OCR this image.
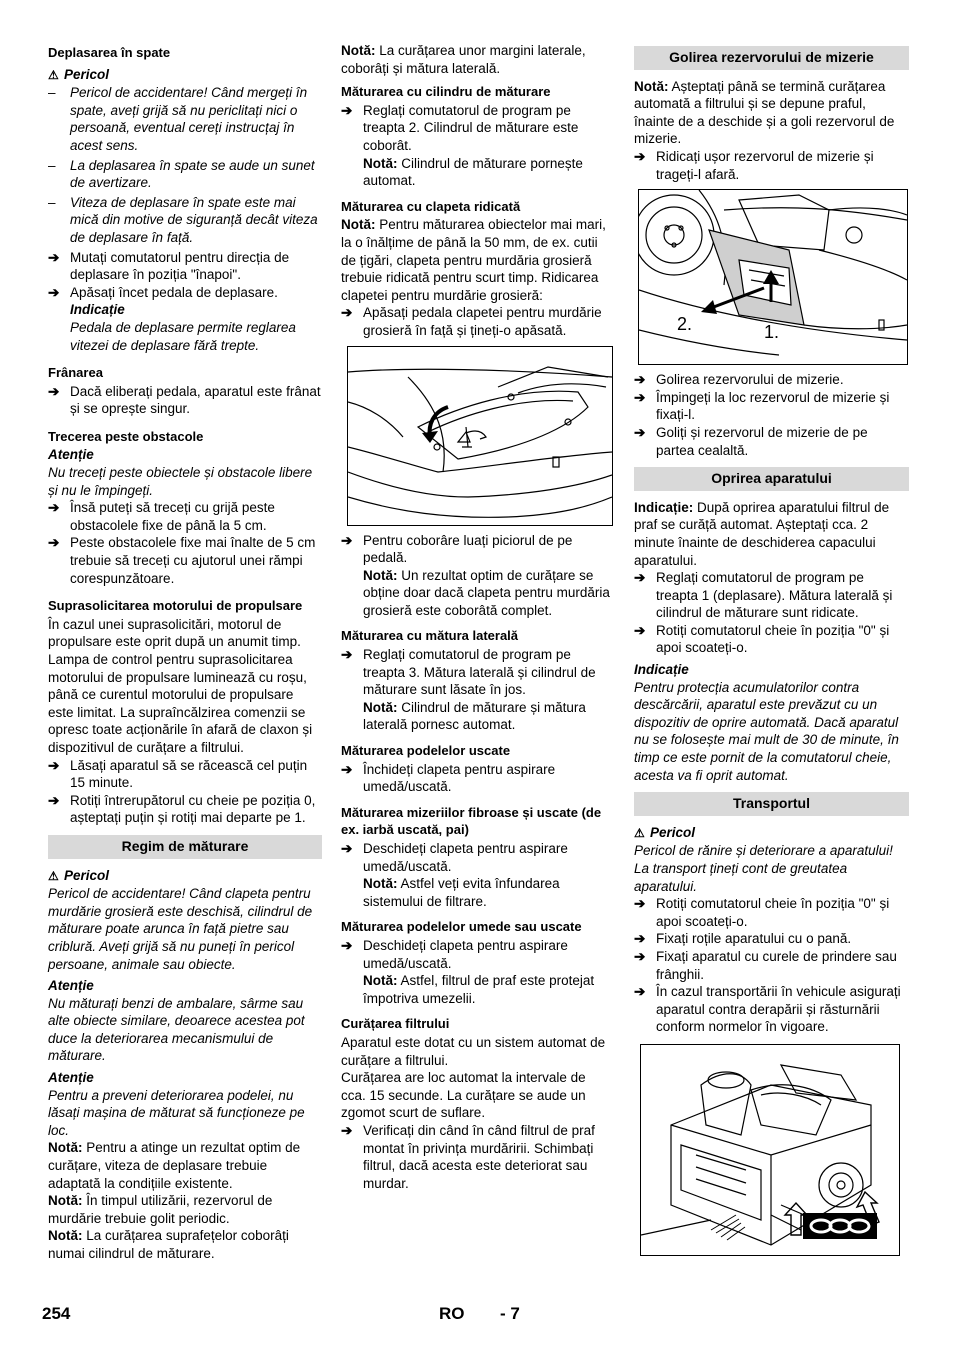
Deplasarea în spate
⚠ Pericol
–	Pericol de accidentare! Când mergeți în spate, aveți grijă să nu periclitați nici o persoană, eventual cereți instrucțaj în acest sens.
–	La deplasarea în spate se aude un sunet de avertizare.
–	Viteza de deplasare în spate este mai mică din motive de siguranță decât viteza de deplasare în față.
➔ Mutați comutatorul pentru direcția de deplasare în poziția "înapoi".
➔ Apăsați încet pedala de deplasare.
Indicație
Pedala de deplasare permite reglarea vitezei de deplasare fără trepte.
Frânarea
➔ Dacă eliberați pedala, aparatul este frânat și se oprește singur.
Trecerea peste obstacole
Atenție
Nu treceți peste obiectele și obstacole libere și nu le împingeți.
➔ Însă puteți să treceți cu grijă peste obstacolele fixe de până la 5 cm.
➔ Peste obstacolele fixe mai înalte de 5 cm trebuie să treceți cu ajutorul unei rămpi corespunzătoare.
Suprasolicitarea motorului de propulsare
În cazul unei suprasolicitări, motorul de propulsare este oprit după un anumit timp. Lampa de control pentru suprasolicitarea motorului de propulsare luminează cu roșu, până ce curentul motorului de propulsare este limitat. La supraîncălzirea comenzii se opresc toate acționările în afară de claxon și dispozitivul de curățare a filtrului.
➔ Lăsați aparatul să se răcească cel puțin 15 minute.
➔ Rotiți întrerupătorul cu cheie pe poziția 0, așteptați puțin și rotiți mai departe pe 1.
Regim de măturare
⚠ Pericol
Pericol de accidentare! Când clapeta pentru murdărie grosieră este deschisă, cilindrul de măturare poate arunca în față pietre sau criblură. Aveți grijă să nu puneți în pericol persoane, animale sau obiecte.
Atenție
Nu măturați benzi de ambalare, sârme sau alte obiecte similare, deoarece acestea pot duce la deteriorarea mecanismului de măturare.
Atenție
Pentru a preveni deteriorarea podelei, nu lăsați mașina de măturat să funcționeze pe loc.
Notă: Pentru a atinge un rezultat optim de curățare, viteza de deplasare trebuie adaptată la condițiile existente.
Notă: În timpul utilizării, rezervorul de murdărie trebuie golit periodic.
Notă: La curățarea suprafețelor coborâți numai cilindrul de măturare.
Notă: La curățarea unor margini laterale, coborâți și mătura laterală.
Măturarea cu cilindru de măturare
➔ Reglați comutatorul de program pe treapta 2. Cilindrul de măturare este coborât.
Notă: Cilindrul de măturare pornește automat.
Măturarea cu clapeta ridicată
Notă: Pentru măturarea obiectelor mai mari, la o înălțime de până la 50 mm, de ex. cutii de țigări, clapeta pentru murdăria grosieră trebuie ridicată pentru scurt timp. Ridicarea clapetei pentru murdărie grosieră:
➔ Apăsați pedala clapetei pentru murdărie grosieră în față și țineți-o apăsată.
➔ Pentru coborâre luați piciorul de pe pedală.
Notă: Un rezultat optim de curățare se obține doar dacă clapeta pentru murdăria grosieră este coborâtă complet.
Măturarea cu mătura laterală
➔ Reglați comutatorul de program pe treapta 3. Mătura laterală și cilindrul de măturare sunt lăsate în jos.
Notă: Cilindrul de măturare și mătura laterală pornesc automat.
Măturarea podelelor uscate
➔ Închideți clapeta pentru aspirare umedă/uscată.
Măturarea mizeriilor fibroase și uscate (de ex. iarbă uscată, pai)
➔ Deschideți clapeta pentru aspirare umedă/uscată.
Notă: Astfel veți evita înfundarea sistemului de filtrare.
Măturarea podelelor umede sau uscate
➔ Deschideți clapeta pentru aspirare umedă/uscată.
Notă: Astfel, filtrul de praf este protejat împotriva umezelii.
Curățarea filtrului
Aparatul este dotat cu un sistem automat de curățare a filtrului.
Curățarea are loc automat la intervale de cca. 15 secunde. La curățare se aude un zgomot scurt de suflare.
➔ Verificați din când în când filtrul de praf montat în privința murdăririi. Schimbați filtrul, dacă acesta este deteriorat sau murdar.
Golirea rezervorului de mizerie
Notă: Așteptați până se termină curățarea automată a filtrului și se depune praful, înainte de a deschide și a goli rezervorul de mizerie.
➔ Ridicați ușor rezervorul de mizerie și trageți-l afară.
2.	1.
➔ Golirea rezervorului de mizerie.
➔ Împingeți la loc rezervorul de mizerie și fixați-l.
➔ Goliți și rezervorul de mizerie de pe partea cealaltă.
Oprirea aparatului
Indicație: După oprirea aparatului filtrul de praf se curăță automat. Așteptați cca. 2 minute înainte de deschiderea capacului aparatului.
➔ Reglați comutatorul de program pe treapta 1 (deplasare). Mătura laterală și cilindrul de măturare sunt ridicate.
➔ Rotiți comutatorul cheie în poziția "0" și apoi scoateți-o.
Indicație
Pentru protecția acumulatorilor contra descărcării, aparatul este prevăzut cu un dispozitiv de oprire automată. Dacă aparatul nu se folosește mai mult de 30 de minute, în timp ce este pornit de la comutatorul cheie, acesta va fi oprit automat.
Transportul
⚠ Pericol
Pericol de rănire și deteriorare a aparatului! La transport țineți cont de greutatea aparatului.
➔ Rotiți comutatorul cheie în poziția "0" și apoi scoateți-o.
➔ Fixați roțile aparatului cu o pană.
➔ Fixați aparatul cu curele de prindere sau frânghii.
➔ În cazul transportării în vehicule asigurați aparatul contra derapării și răsturnării conform normelor în vigoare.
254	RO - 7
